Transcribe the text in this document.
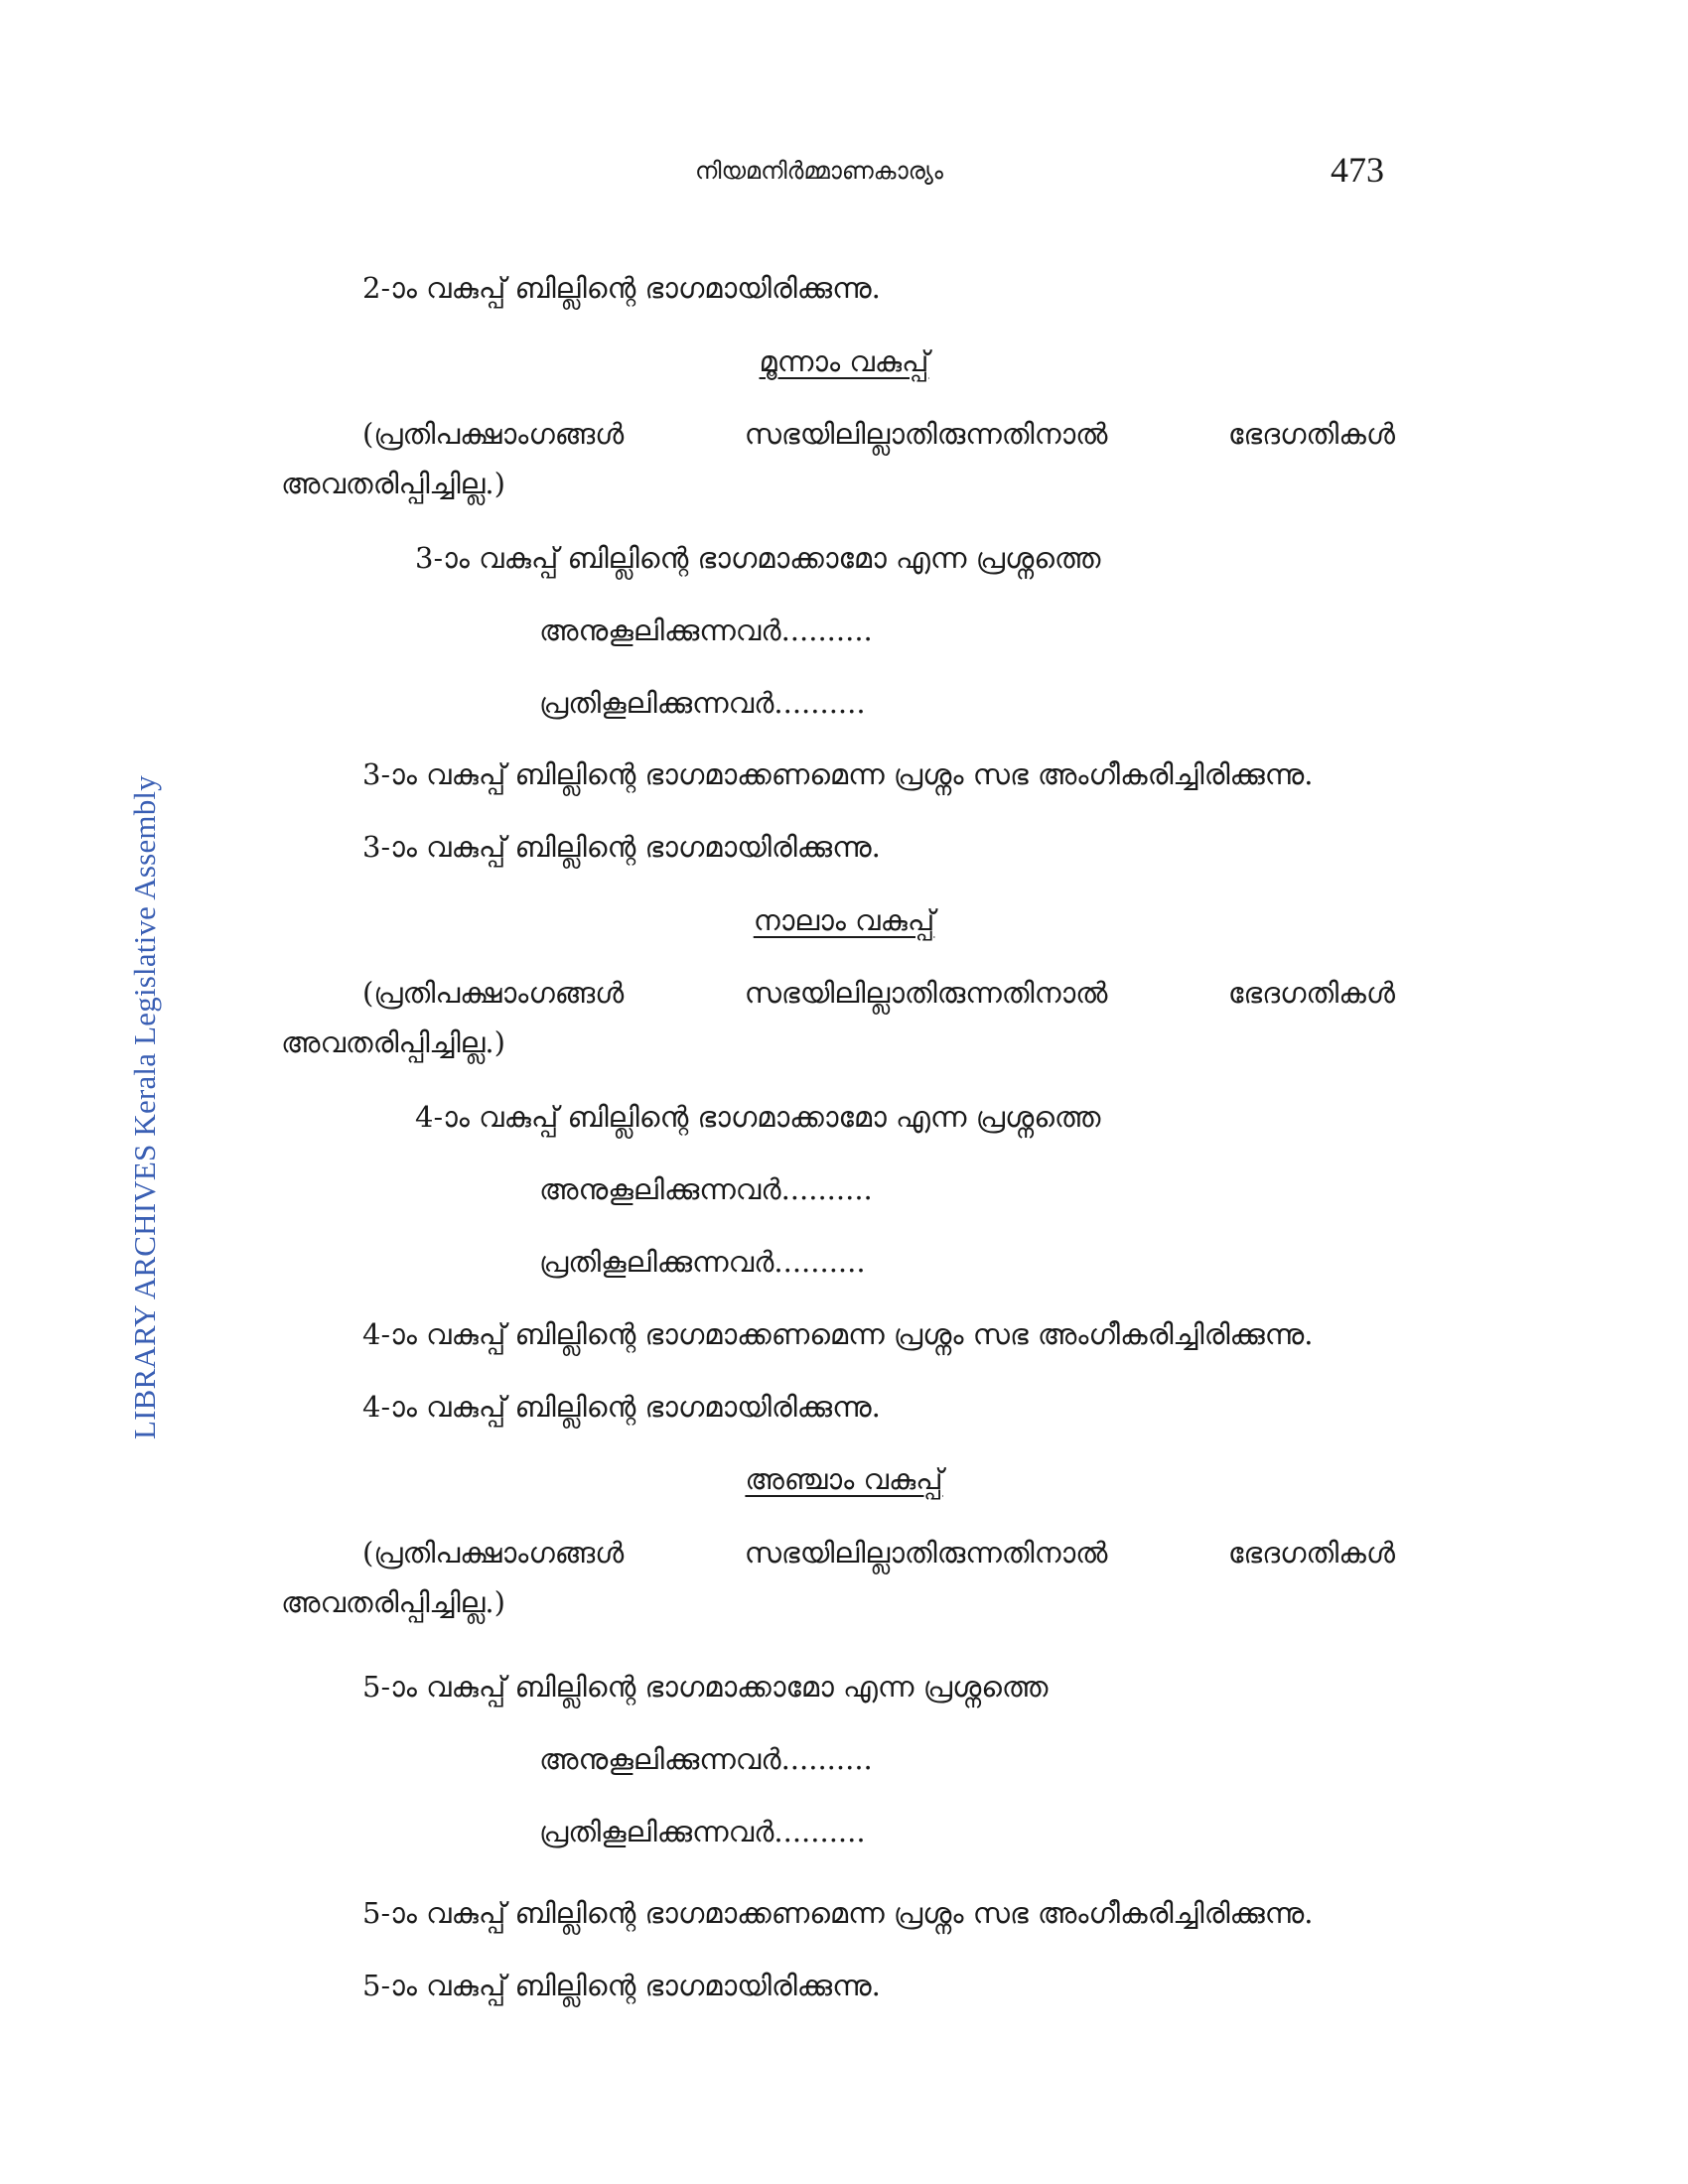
നിയമനിർമ്മാണകാര്യം	473
LIBRARY ARCHIVES Kerala Legislative Assembly
2-ാം വകുപ്പ് ബില്ലിന്റെ ഭാഗമായിരിക്കുന്നു.
മൂന്നാം വകുപ്പ്
(പ്രതിപക്ഷാംഗങ്ങൾ	സഭയിലില്ലാതിരുന്നതിനാൽ	ഭേദഗതികൾ
അവതരിപ്പിച്ചില്ല.)
3-ാം വകുപ്പ് ബില്ലിന്റെ ഭാഗമാക്കാമോ എന്ന പ്രശ്നത്തെ
അനുകൂലിക്കുന്നവർ..........
പ്രതികൂലിക്കുന്നവർ..........
3-ാം വകുപ്പ് ബില്ലിന്റെ ഭാഗമാക്കണമെന്ന പ്രശ്നം സഭ അംഗീകരിച്ചിരിക്കുന്നു.
3-ാം വകുപ്പ് ബില്ലിന്റെ ഭാഗമായിരിക്കുന്നു.
നാലാം വകുപ്പ്
(പ്രതിപക്ഷാംഗങ്ങൾ	സഭയിലില്ലാതിരുന്നതിനാൽ	ഭേദഗതികൾ
അവതരിപ്പിച്ചില്ല.)
4-ാം വകുപ്പ് ബില്ലിന്റെ ഭാഗമാക്കാമോ എന്ന പ്രശ്നത്തെ
അനുകൂലിക്കുന്നവർ..........
പ്രതികൂലിക്കുന്നവർ..........
4-ാം വകുപ്പ് ബില്ലിന്റെ ഭാഗമാക്കണമെന്ന പ്രശ്നം സഭ അംഗീകരിച്ചിരിക്കുന്നു.
4-ാം വകുപ്പ് ബില്ലിന്റെ ഭാഗമായിരിക്കുന്നു.
അഞ്ചാം വകുപ്പ്
(പ്രതിപക്ഷാംഗങ്ങൾ	സഭയിലില്ലാതിരുന്നതിനാൽ	ഭേദഗതികൾ
അവതരിപ്പിച്ചില്ല.)
5-ാം വകുപ്പ് ബില്ലിന്റെ ഭാഗമാക്കാമോ എന്ന പ്രശ്നത്തെ
അനുകൂലിക്കുന്നവർ..........
പ്രതികൂലിക്കുന്നവർ..........
5-ാം വകുപ്പ് ബില്ലിന്റെ ഭാഗമാക്കണമെന്ന പ്രശ്നം സഭ അംഗീകരിച്ചിരിക്കുന്നു.
5-ാം വകുപ്പ് ബില്ലിന്റെ ഭാഗമായിരിക്കുന്നു.
